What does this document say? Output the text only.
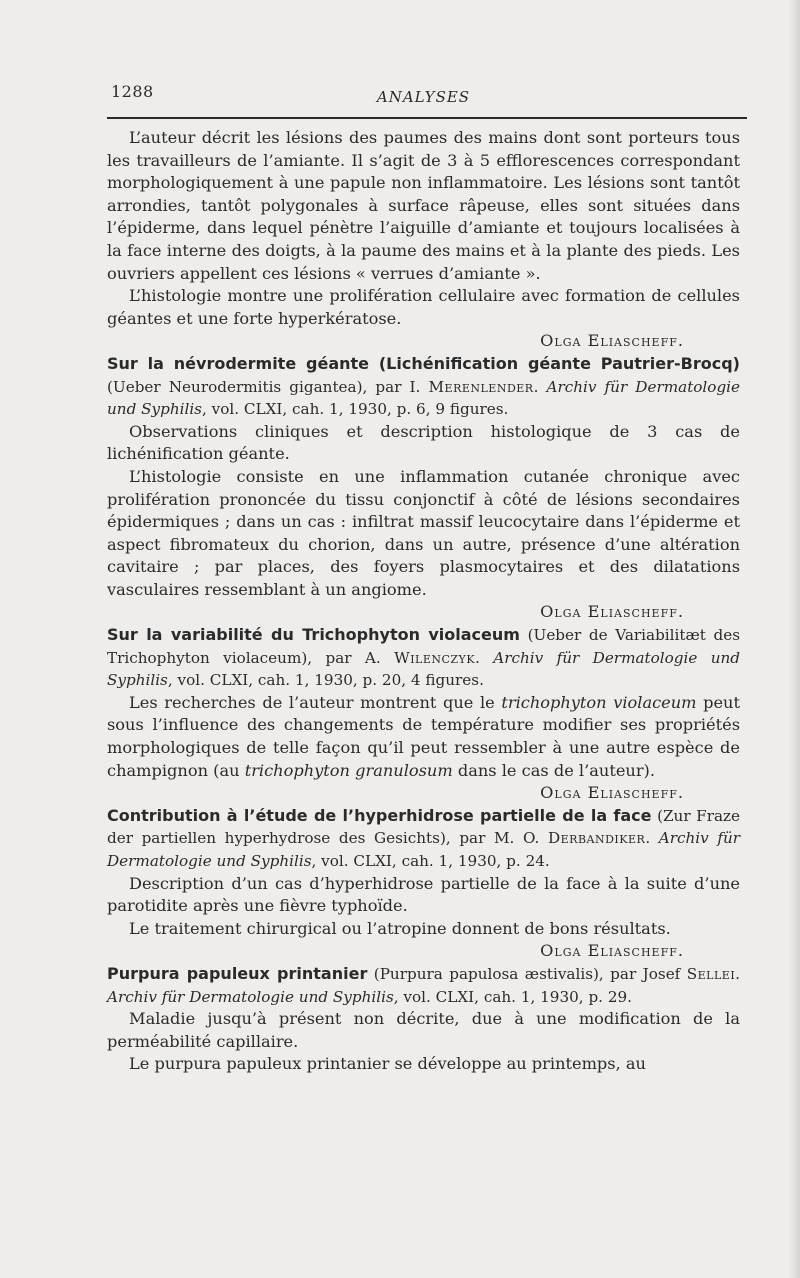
1288	ANALYSES

L’auteur décrit les lésions des paumes des mains dont sont porteurs tous les travailleurs de l’amiante. Il s’agit de 3 à 5 efflorescences correspondant morphologiquement à une papule non inflammatoire. Les lésions sont tantôt arrondies, tantôt polygonales à surface râpeuse, elles sont situées dans l’épiderme, dans lequel pénètre l’aiguille d’amiante et toujours localisées à la face interne des doigts, à la paume des mains et à la plante des pieds. Les ouvriers appellent ces lésions « verrues d’amiante ».

L’histologie montre une prolifération cellulaire avec formation de cellules géantes et une forte hyperkératose.

Olga Eliascheff.

Sur la névrodermite géante (Lichénification géante Pautrier-Brocq) (Ueber Neurodermitis gigantea), par I. Merenlender. Archiv für Dermatologie und Syphilis, vol. CLXI, cah. 1, 1930, p. 6, 9 figures.

Observations cliniques et description histologique de 3 cas de lichénification géante.

L’histologie consiste en une inflammation cutanée chronique avec prolifération prononcée du tissu conjonctif à côté de lésions secondaires épidermiques ; dans un cas : infiltrat massif leucocytaire dans l’épiderme et aspect fibromateux du chorion, dans un autre, présence d’une altération cavitaire ; par places, des foyers plasmocytaires et des dilatations vasculaires ressemblant à un angiome.

Olga Eliascheff.

Sur la variabilité du Trichophyton violaceum (Ueber de Variabilitæt des Trichophyton violaceum), par A. Wilenczyk. Archiv für Dermatologie und Syphilis, vol. CLXI, cah. 1, 1930, p. 20, 4 figures.

Les recherches de l’auteur montrent que le trichophyton violaceum peut sous l’influence des changements de température modifier ses propriétés morphologiques de telle façon qu’il peut ressembler à une autre espèce de champignon (au trichophyton granulosum dans le cas de l’auteur).
Olga Eliascheff.

Contribution à l’étude de l’hyperhidrose partielle de la face (Zur Fraze der partiellen hyperhydrose des Gesichts), par M. O. Derbandiker. Archiv für Dermatologie und Syphilis, vol. CLXI, cah. 1, 1930, p. 24.

Description d’un cas d’hyperhidrose partielle de la face à la suite d’une parotidite après une fièvre typhoïde.

Le traitement chirurgical ou l’atropine donnent de bons résultats.

Olga Eliascheff.

Purpura papuleux printanier (Purpura papulosa æstivalis), par Josef Sellei. Archiv für Dermatologie und Syphilis, vol. CLXI, cah. 1, 1930, p. 29.

Maladie jusqu’à présent non décrite, due à une modification de la perméabilité capillaire.

Le purpura papuleux printanier se développe au printemps, au
